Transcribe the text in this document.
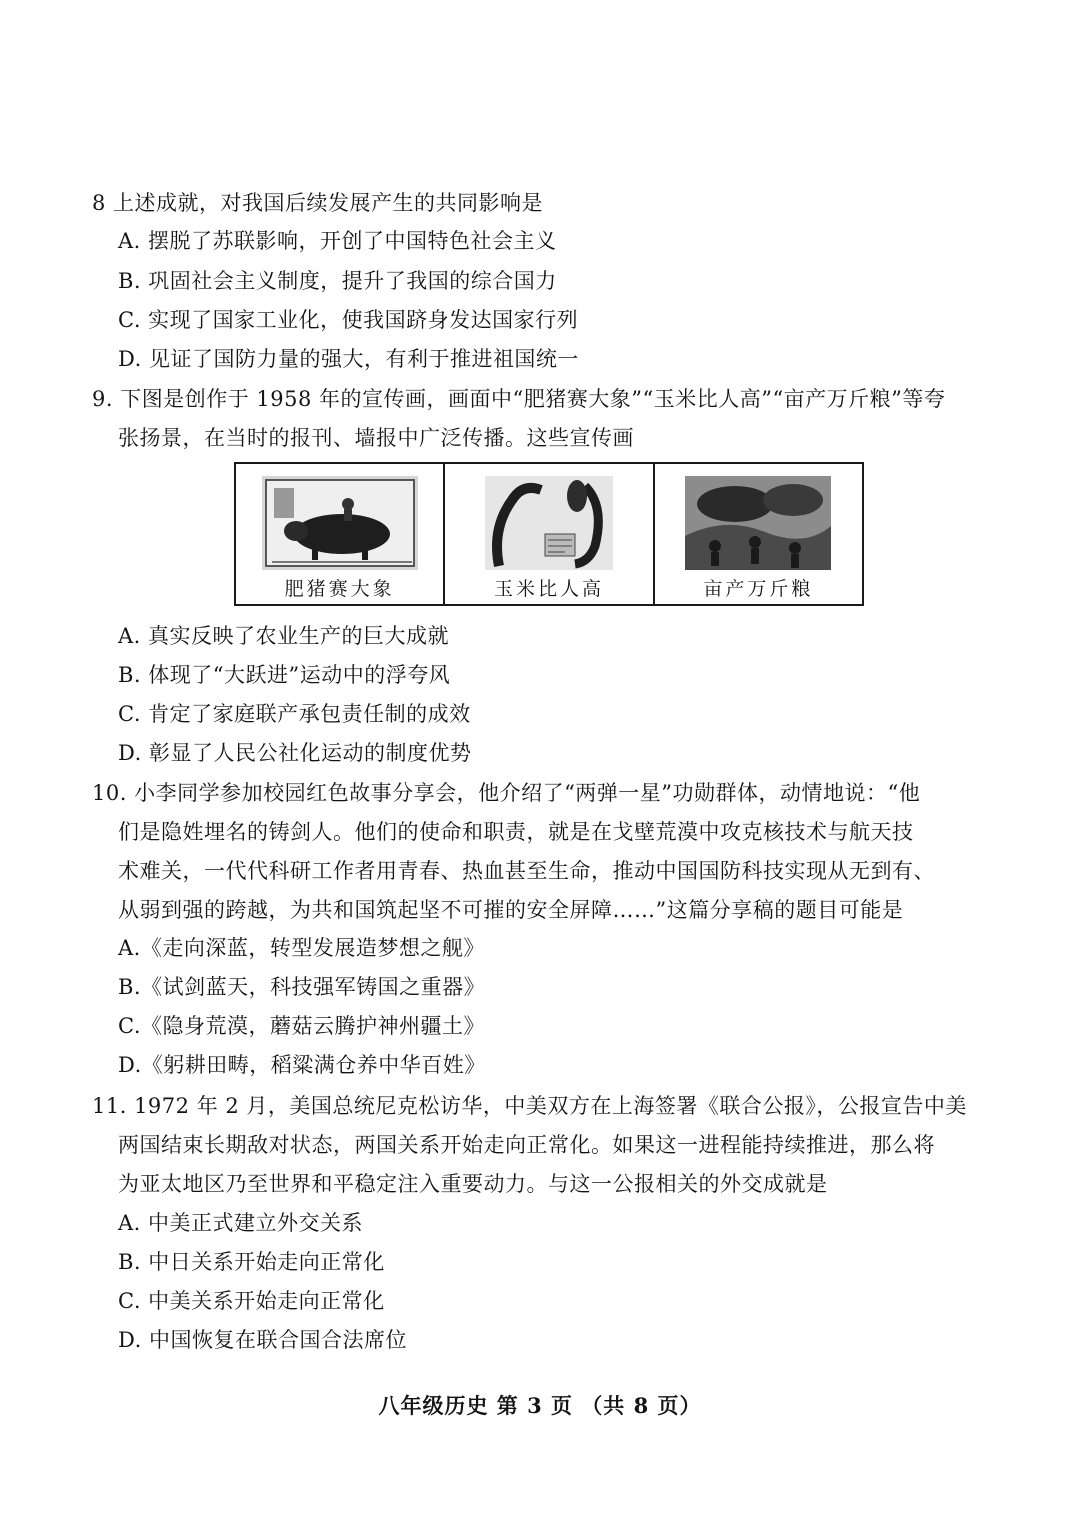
8 上述成就，对我国后续发展产生的共同影响是
A. 摆脱了苏联影响，开创了中国特色社会主义
B. 巩固社会主义制度，提升了我国的综合国力
C. 实现了国家工业化，使我国跻身发达国家行列
D. 见证了国防力量的强大，有利于推进祖国统一
9. 下图是创作于 1958 年的宣传画，画面中“肥猪赛大象”“玉米比人高”“亩产万斤粮”等夸
张扬景，在当时的报刊、墙报中广泛传播。这些宣传画
肥猪赛大象	玉米比人高	亩产万斤粮
A. 真实反映了农业生产的巨大成就
B. 体现了“大跃进”运动中的浮夸风
C. 肯定了家庭联产承包责任制的成效
D. 彰显了人民公社化运动的制度优势
10. 小李同学参加校园红色故事分享会，他介绍了“两弹一星”功勋群体，动情地说：“他
们是隐姓埋名的铸剑人。他们的使命和职责，就是在戈壁荒漠中攻克核技术与航天技
术难关，一代代科研工作者用青春、热血甚至生命，推动中国国防科技实现从无到有、
从弱到强的跨越，为共和国筑起坚不可摧的安全屏障……”这篇分享稿的题目可能是
A.《走向深蓝，转型发展造梦想之舰》
B.《试剑蓝天，科技强军铸国之重器》
C.《隐身荒漠，蘑菇云腾护神州疆土》
D.《躬耕田畴，稻粱满仓养中华百姓》
11. 1972 年 2 月，美国总统尼克松访华，中美双方在上海签署《联合公报》，公报宣告中美
两国结束长期敌对状态，两国关系开始走向正常化。如果这一进程能持续推进，那么将
为亚太地区乃至世界和平稳定注入重要动力。与这一公报相关的外交成就是
A. 中美正式建立外交关系
B. 中日关系开始走向正常化
C. 中美关系开始走向正常化
D. 中国恢复在联合国合法席位
八年级历史 第 3 页 （共 8 页）
